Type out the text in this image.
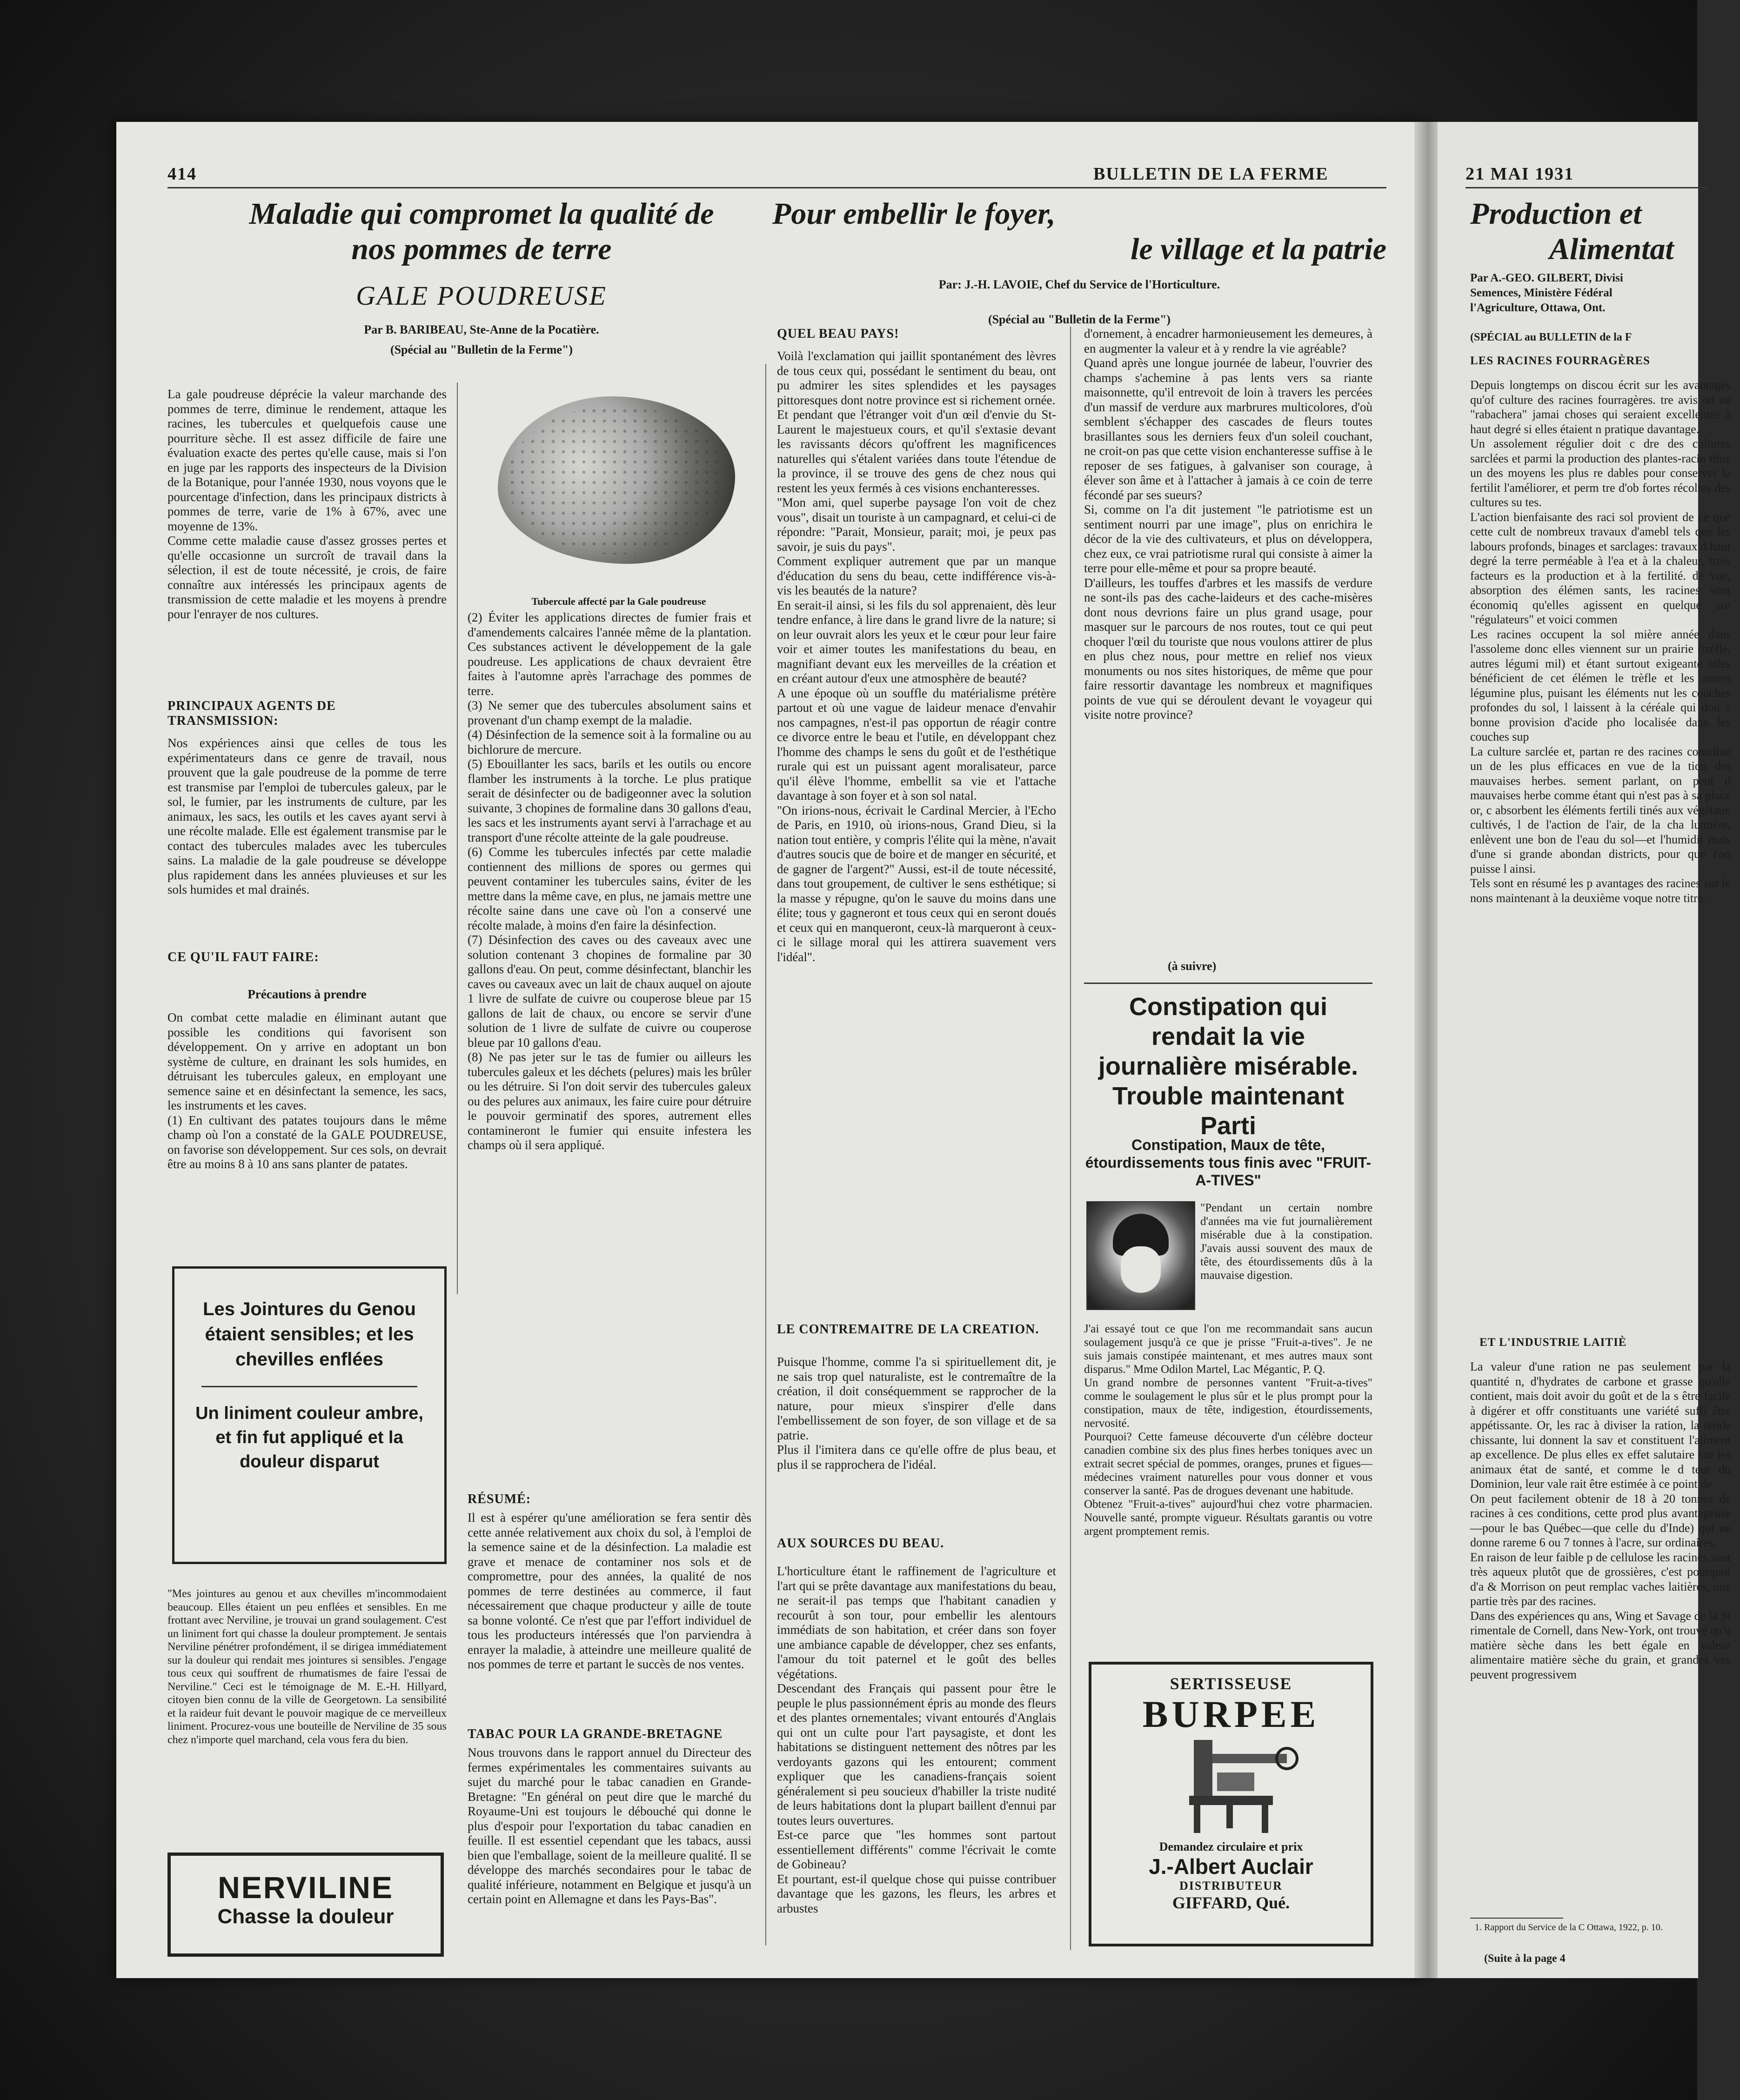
414	BULLETIN DE LA FERME
Maladie qui compromet la qualité de
nos pommes de terre
GALE POUDREUSE
Par B. BARIBEAU, Ste-Anne de la Pocatière.
(Spécial au "Bulletin de la Ferme")
La gale poudreuse déprécie la valeur marchande des pommes de terre, diminue le rendement, attaque les racines, les tubercules et quelquefois cause une pourriture sèche. Il est assez difficile de faire une évaluation exacte des pertes qu'elle cause, mais si l'on en juge par les rapports des inspecteurs de la Division de la Botanique, pour l'année 1930, nous voyons que le pourcentage d'infection, dans les principaux districts à pommes de terre, varie de 1% à 67%, avec une moyenne de 13%.
Comme cette maladie cause d'assez grosses pertes et qu'elle occasionne un surcroît de travail dans la sélection, il est de toute nécessité, je crois, de faire connaître aux intéressés les principaux agents de transmission de cette maladie et les moyens à prendre pour l'enrayer de nos cultures.
PRINCIPAUX AGENTS DE TRANSMISSION:
Nos expériences ainsi que celles de tous les expérimentateurs dans ce genre de travail, nous prouvent que la gale poudreuse de la pomme de terre est transmise par l'emploi de tubercules galeux, par le sol, le fumier, par les instruments de culture, par les animaux, les sacs, les outils et les caves ayant servi à une récolte malade. Elle est également transmise par le contact des tubercules malades avec les tubercules sains. La maladie de la gale poudreuse se développe plus rapidement dans les années pluvieuses et sur les sols humides et mal drainés.
CE QU'IL FAUT FAIRE:
Précautions à prendre
On combat cette maladie en éliminant autant que possible les conditions qui favorisent son développement. On y arrive en adoptant un bon système de culture, en drainant les sols humides, en détruisant les tubercules galeux, en employant une semence saine et en désinfectant la semence, les sacs, les instruments et les caves.
(1) En cultivant des patates toujours dans le même champ où l'on a constaté de la GALE POUDREUSE, on favorise son développement. Sur ces sols, on devrait être au moins 8 à 10 ans sans planter de patates.
Tubercule affecté par la Gale poudreuse
(2) Éviter les applications directes de fumier frais et d'amendements calcaires l'année même de la plantation. Ces substances activent le développement de la gale poudreuse. Les applications de chaux devraient être faites à l'automne après l'arrachage des pommes de terre.
(3) Ne semer que des tubercules absolument sains et provenant d'un champ exempt de la maladie.
(4) Désinfection de la semence soit à la formaline ou au bichlorure de mercure.
(5) Ebouillanter les sacs, barils et les outils ou encore flamber les instruments à la torche. Le plus pratique serait de désinfecter ou de badigeonner avec la solution suivante, 3 chopines de formaline dans 30 gallons d'eau, les sacs et les instruments ayant servi à l'arrachage et au transport d'une récolte atteinte de la gale poudreuse.
(6) Comme les tubercules infectés par cette maladie contiennent des millions de spores ou germes qui peuvent contaminer les tubercules sains, éviter de les mettre dans la même cave, en plus, ne jamais mettre une récolte saine dans une cave où l'on a conservé une récolte malade, à moins d'en faire la désinfection.
(7) Désinfection des caves ou des caveaux avec une solution contenant 3 chopines de formaline par 30 gallons d'eau. On peut, comme désinfectant, blanchir les caves ou caveaux avec un lait de chaux auquel on ajoute 1 livre de sulfate de cuivre ou couperose bleue par 15 gallons de lait de chaux, ou encore se servir d'une solution de 1 livre de sulfate de cuivre ou couperose bleue par 10 gallons d'eau.
(8) Ne pas jeter sur le tas de fumier ou ailleurs les tubercules galeux et les déchets (pelures) mais les brûler ou les détruire. Si l'on doit servir des tubercules galeux ou des pelures aux animaux, les faire cuire pour détruire le pouvoir germinatif des spores, autrement elles contamineront le fumier qui ensuite infestera les champs où il sera appliqué.
RÉSUMÉ:
Il est à espérer qu'une amélioration se fera sentir dès cette année relativement aux choix du sol, à l'emploi de la semence saine et de la désinfection. La maladie est grave et menace de contaminer nos sols et de compromettre, pour des années, la qualité de nos pommes de terre destinées au commerce, il faut nécessairement que chaque producteur y aille de toute sa bonne volonté. Ce n'est que par l'effort individuel de tous les producteurs intéressés que l'on parviendra à enrayer la maladie, à atteindre une meilleure qualité de nos pommes de terre et partant le succès de nos ventes.
TABAC POUR LA GRANDE-BRETAGNE
Nous trouvons dans le rapport annuel du Directeur des fermes expérimentales les commentaires suivants au sujet du marché pour le tabac canadien en Grande-Bretagne: "En général on peut dire que le marché du Royaume-Uni est toujours le débouché qui donne le plus d'espoir pour l'exportation du tabac canadien en feuille. Il est essentiel cependant que les tabacs, aussi bien que l'emballage, soient de la meilleure qualité. Il se développe des marchés secondaires pour le tabac de qualité inférieure, notamment en Belgique et jusqu'à un certain point en Allemagne et dans les Pays-Bas".
Les Jointures du Genou étaient sensibles; et les chevilles enflées
Un liniment couleur ambre, et fin fut appliqué et la douleur disparut
"Mes jointures au genou et aux chevilles m'incommodaient beaucoup. Elles étaient un peu enflées et sensibles. En me frottant avec Nerviline, je trouvai un grand soulagement. C'est un liniment fort qui chasse la douleur promptement. Je sentais Nerviline pénétrer profondément, il se dirigea immédiatement sur la douleur qui rendait mes jointures si sensibles. J'engage tous ceux qui souffrent de rhumatismes de faire l'essai de Nerviline." Ceci est le témoignage de M. E.-H. Hillyard, citoyen bien connu de la ville de Georgetown. La sensibilité et la raideur fuit devant le pouvoir magique de ce merveilleux liniment. Procurez-vous une bouteille de Nerviline de 35 sous chez n'importe quel marchand, cela vous fera du bien.
NERVILINE
Chasse la douleur
Pour embellir le foyer,
le village et la patrie
Par: J.-H. LAVOIE, Chef du Service de l'Horticulture.
(Spécial au "Bulletin de la Ferme")
QUEL BEAU PAYS!
Voilà l'exclamation qui jaillit spontanément des lèvres de tous ceux qui, possédant le sentiment du beau, ont pu admirer les sites splendides et les paysages pittoresques dont notre province est si richement ornée.
Et pendant que l'étranger voit d'un œil d'envie du St-Laurent le majestueux cours, et qu'il s'extasie devant les ravissants décors qu'offrent les magnificences naturelles qui s'étalent variées dans toute l'étendue de la province, il se trouve des gens de chez nous qui restent les yeux fermés à ces visions enchanteresses.
"Mon ami, quel superbe paysage l'on voit de chez vous", disait un touriste à un campagnard, et celui-ci de répondre: "Parait, Monsieur, parait; moi, je peux pas savoir, je suis du pays".
Comment expliquer autrement que par un manque d'éducation du sens du beau, cette indifférence vis-à-vis les beautés de la nature?
En serait-il ainsi, si les fils du sol apprenaient, dès leur tendre enfance, à lire dans le grand livre de la nature; si on leur ouvrait alors les yeux et le cœur pour leur faire voir et aimer toutes les manifestations du beau, en magnifiant devant eux les merveilles de la création et en créant autour d'eux une atmosphère de beauté?
A une époque où un souffle du matérialisme prétère partout et où une vague de laideur menace d'envahir nos campagnes, n'est-il pas opportun de réagir contre ce divorce entre le beau et l'utile, en développant chez l'homme des champs le sens du goût et de l'esthétique rurale qui est un puissant agent moralisateur, parce qu'il élève l'homme, embellit sa vie et l'attache davantage à son foyer et à son sol natal.
"On irions-nous, écrivait le Cardinal Mercier, à l'Echo de Paris, en 1910, où irions-nous, Grand Dieu, si la nation tout entière, y compris l'élite qui la mène, n'avait d'autres soucis que de boire et de manger en sécurité, et de gagner de l'argent?" Aussi, est-il de toute nécessité, dans tout groupement, de cultiver le sens esthétique; si la masse y répugne, qu'on le sauve du moins dans une élite; tous y gagneront et tous ceux qui en seront doués et ceux qui en manqueront, ceux-là marqueront à ceux-ci le sillage moral qui les attirera suavement vers l'idéal".
LE CONTREMAITRE DE LA CREATION.
Puisque l'homme, comme l'a si spirituellement dit, je ne sais trop quel naturaliste, est le contremaître de la création, il doit conséquemment se rapprocher de la nature, pour mieux s'inspirer d'elle dans l'embellissement de son foyer, de son village et de sa patrie.
Plus il l'imitera dans ce qu'elle offre de plus beau, et plus il se rapprochera de l'idéal.
AUX SOURCES DU BEAU.
L'horticulture étant le raffinement de l'agriculture et l'art qui se prête davantage aux manifestations du beau, ne serait-il pas temps que l'habitant canadien y recourût à son tour, pour embellir les alentours immédiats de son habitation, et créer dans son foyer une ambiance capable de développer, chez ses enfants, l'amour du toit paternel et le goût des belles végétations.
Descendant des Français qui passent pour être le peuple le plus passionnément épris au monde des fleurs et des plantes ornementales; vivant entourés d'Anglais qui ont un culte pour l'art paysagiste, et dont les habitations se distinguent nettement des nôtres par les verdoyants gazons qui les entourent; comment expliquer que les canadiens-français soient généralement si peu soucieux d'habiller la triste nudité de leurs habitations dont la plupart baillent d'ennui par toutes leurs ouvertures.
Est-ce parce que "les hommes sont partout essentiellement différents" comme l'écrivait le comte de Gobineau?
Et pourtant, est-il quelque chose qui puisse contribuer davantage que les gazons, les fleurs, les arbres et arbustes
d'ornement, à encadrer harmonieusement les demeures, à en augmenter la valeur et à y rendre la vie agréable?
Quand après une longue journée de labeur, l'ouvrier des champs s'achemine à pas lents vers sa riante maisonnette, qu'il entrevoit de loin à travers les percées d'un massif de verdure aux marbrures multicolores, d'où semblent s'échapper des cascades de fleurs toutes brasillantes sous les derniers feux d'un soleil couchant, ne croit-on pas que cette vision enchanteresse suffise à le reposer de ses fatigues, à galvaniser son courage, à élever son âme et à l'attacher à jamais à ce coin de terre fécondé par ses sueurs?
Si, comme on l'a dit justement "le patriotisme est un sentiment nourri par une image", plus on enrichira le décor de la vie des cultivateurs, et plus on développera, chez eux, ce vrai patriotisme rural qui consiste à aimer la terre pour elle-même et pour sa propre beauté.
D'ailleurs, les touffes d'arbres et les massifs de verdure ne sont-ils pas des cache-laideurs et des cache-misères dont nous devrions faire un plus grand usage, pour masquer sur le parcours de nos routes, tout ce qui peut choquer l'œil du touriste que nous voulons attirer de plus en plus chez nous, pour mettre en relief nos vieux monuments ou nos sites historiques, de même que pour faire ressortir davantage les nombreux et magnifiques points de vue qui se déroulent devant le voyageur qui visite notre province?
(à suivre)
Constipation qui rendait la vie journalière misérable. Trouble maintenant Parti
Constipation, Maux de tête, étourdissements tous finis avec "FRUIT-A-TIVES"
"Pendant un certain nombre d'années ma vie fut journalièrement misérable due à la constipation. J'avais aussi souvent des maux de tête, des étourdissements dûs à la mauvaise digestion.
J'ai essayé tout ce que l'on me recommandait sans aucun soulagement jusqu'à ce que je prisse "Fruit-a-tives". Je ne suis jamais constipée maintenant, et mes autres maux sont disparus." Mme Odilon Martel, Lac Mégantic, P. Q.
Un grand nombre de personnes vantent "Fruit-a-tives" comme le soulagement le plus sûr et le plus prompt pour la constipation, maux de tête, indigestion, étourdissements, nervosité.
Pourquoi? Cette fameuse découverte d'un célèbre docteur canadien combine six des plus fines herbes toniques avec un extrait secret spécial de pommes, oranges, prunes et figues—médecines vraiment naturelles pour vous donner et vous conserver la santé. Pas de drogues devenant une habitude.
Obtenez "Fruit-a-tives" aujourd'hui chez votre pharmacien. Nouvelle santé, prompte vigueur. Résultats garantis ou votre argent promptement remis.
SERTISSEUSE
BURPEE
Demandez circulaire et prix
J.-Albert Auclair
DISTRIBUTEUR
GIFFARD, Qué.
21 MAI 1931
Production et
Alimentat
Par A.-GEO. GILBERT, Divisi
Semences, Ministère Fédéral
l'Agriculture, Ottawa, Ont.
(SPÉCIAL au BULLETIN de la F
LES RACINES FOURRAGÈRES
Depuis longtemps on discou écrit sur les avantages qu'of culture des racines fourragères. tre avis on ne "rabachera" jamai choses qui seraient excellentes à haut degré si elles étaient n pratique davantage.
Un assolement régulier doit c dre des cultures sarclées et parmi la production des plantes-racin titue un des moyens les plus re dables pour conserver la fertilit l'améliorer, et perm tre d'ob fortes récoltes des cultures su tes.
L'action bienfaisante des raci sol provient de ce que cette cult de nombreux travaux d'amebl tels que les labours profonds, binages et sarclages: travaux d haut degré la terre perméable à l'ea et à la chaleur, trois facteurs es la production et à la fertilité. de vue, absorption des élémen sants, les racines sont économiq qu'elles agissent en quelque sor "régulateurs" et voici commen
Les racines occupent la sol mière année dans l'assoleme donc elles viennent sur un prairie (trèfle, autres légumi mil) et étant surtout exigeante elles bénéficient de cet élémen le trèfle et les autres légumine plus, puisant les éléments nut les couches profondes du sol, l laissent à la céréale qui doit s bonne provision d'acide pho localisée dans les couches sup
La culture sarclée et, partan re des racines constitue un de les plus efficaces en vue de la tion des mauvaises herbes. sement parlant, on peut d mauvaises herbe comme étant qui n'est pas à sa place or, c absorbent les éléments fertili tinés aux végétaux cultivés, l de l'action de l'air, de la cha lumière, enlèvent une bon de l'eau du sol—et l'humidit mais d'une si grande abondan districts, pour que l'on puisse l ainsi.
Tels sont en résumé les p avantages des racines sur le nons maintenant à la deuxième voque notre titre.
ET L'INDUSTRIE LAITIÈ
La valeur d'une ration ne pas seulement par la quantité n, d'hydrates de carbone et grasse qu'elle contient, mais doit avoir du goût et de la s être facile à digérer et offr constituants une variété suffi être appétissante. Or, les rac à diviser la ration, la rende chissante, lui donnent la sav et constituent l'aliment ap excellence. De plus elles ex effet salutaire sur les animaux état de santé, et comme le d teur du Dominion, leur vale rait être estimée à ce point de
On peut facilement obtenir de 18 à 20 tonnes de racines à ces conditions, cette prod plus avantageuse—pour le bas Québec—que celle du d'Inde) qui ne donne rareme 6 ou 7 tonnes à l'acre, sur ordinaires.
En raison de leur faible p de cellulose les racines sont très aqueux plutôt que de grossières, c'est pourquoi d'a & Morrison on peut remplac vaches laitières, une partie très par des racines.
Dans des expériences qu ans, Wing et Savage de la St rimentale de Cornell, dans New-York, ont trouvé qu'u matière sèche dans les bett égale en valeur alimentaire matière sèche du grain, et grandes ves peuvent progressivem
1. Rapport du Service de la C Ottawa, 1922, p. 10.
(Suite à la page 4
